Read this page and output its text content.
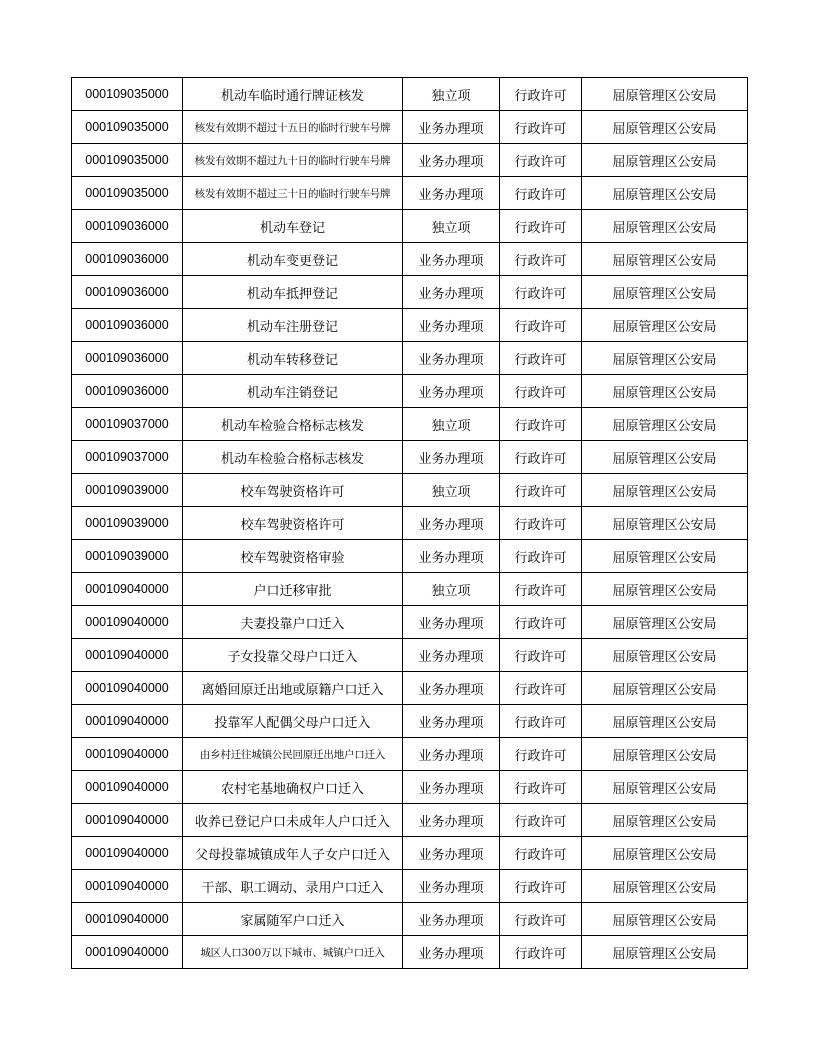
000109035000	机动车临时通行牌证核发	独立项	行政许可	屈原管理区公安局
000109035000	核发有效期不超过十五日的临时行驶车号牌	业务办理项	行政许可	屈原管理区公安局
000109035000	核发有效期不超过九十日的临时行驶车号牌	业务办理项	行政许可	屈原管理区公安局
000109035000	核发有效期不超过三十日的临时行驶车号牌	业务办理项	行政许可	屈原管理区公安局
000109036000	机动车登记	独立项	行政许可	屈原管理区公安局
000109036000	机动车变更登记	业务办理项	行政许可	屈原管理区公安局
000109036000	机动车抵押登记	业务办理项	行政许可	屈原管理区公安局
000109036000	机动车注册登记	业务办理项	行政许可	屈原管理区公安局
000109036000	机动车转移登记	业务办理项	行政许可	屈原管理区公安局
000109036000	机动车注销登记	业务办理项	行政许可	屈原管理区公安局
000109037000	机动车检验合格标志核发	独立项	行政许可	屈原管理区公安局
000109037000	机动车检验合格标志核发	业务办理项	行政许可	屈原管理区公安局
000109039000	校车驾驶资格许可	独立项	行政许可	屈原管理区公安局
000109039000	校车驾驶资格许可	业务办理项	行政许可	屈原管理区公安局
000109039000	校车驾驶资格审验	业务办理项	行政许可	屈原管理区公安局
000109040000	户口迁移审批	独立项	行政许可	屈原管理区公安局
000109040000	夫妻投靠户口迁入	业务办理项	行政许可	屈原管理区公安局
000109040000	子女投靠父母户口迁入	业务办理项	行政许可	屈原管理区公安局
000109040000	离婚回原迁出地或原籍户口迁入	业务办理项	行政许可	屈原管理区公安局
000109040000	投靠军人配偶父母户口迁入	业务办理项	行政许可	屈原管理区公安局
000109040000	由乡村迁往城镇公民回原迁出地户口迁入	业务办理项	行政许可	屈原管理区公安局
000109040000	农村宅基地确权户口迁入	业务办理项	行政许可	屈原管理区公安局
000109040000	收养已登记户口未成年人户口迁入	业务办理项	行政许可	屈原管理区公安局
000109040000	父母投靠城镇成年人子女户口迁入	业务办理项	行政许可	屈原管理区公安局
000109040000	干部、职工调动、录用户口迁入	业务办理项	行政许可	屈原管理区公安局
000109040000	家属随军户口迁入	业务办理项	行政许可	屈原管理区公安局
000109040000	城区人口300万以下城市、城镇户口迁入	业务办理项	行政许可	屈原管理区公安局
